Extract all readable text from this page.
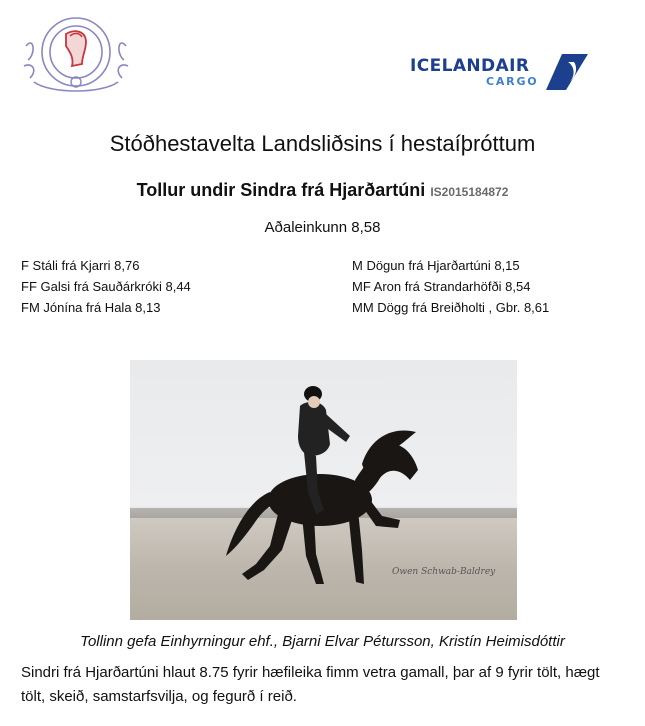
ICELANDAIR
CARGO
Stóðhestavelta Landsliðsins í hestaíþróttum
Tollur undir Sindra frá Hjarðartúni IS2015184872
Aðaleinkunn 8,58
F Stáli frá Kjarri 8,76
FF Galsi frá Sauðárkróki 8,44
FM Jónína frá Hala 8,13
M Dögun frá Hjarðartúni 8,15
MF Aron frá Strandarhöfði 8,54
MM Dögg frá Breiðholti , Gbr. 8,61
Owen Schwab-Baldrey
Tollinn gefa Einhyrningur ehf., Bjarni Elvar Pétursson, Kristín Heimisdóttir
Sindri frá Hjarðartúni hlaut 8.75 fyrir hæfileika fimm vetra gamall, þar af 9 fyrir tölt, hægt tölt, skeið, samstarfsvilja, og fegurð í reið.
